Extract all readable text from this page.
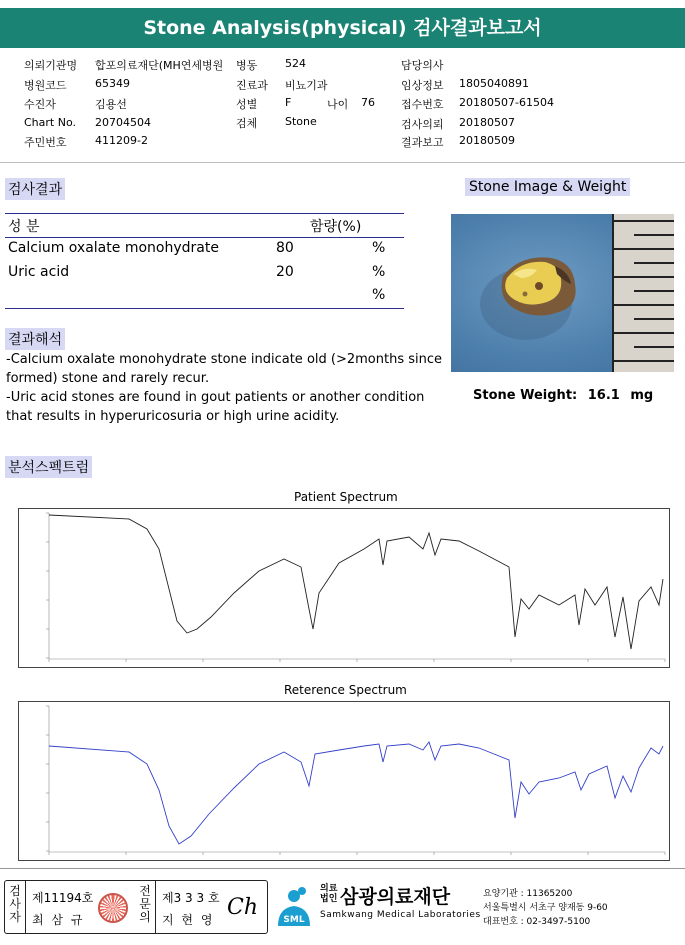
Stone Analysis(physical) 검사결과보고서
의뢰기관명 합포의료재단(MH연세병원 병동	524	담당의사
병원코드	65349	진료과 비뇨기과	임상정보 1805040891
수진자	김용선	성별	F	나이 76 접수번호 20180507-61504
Chart No. 20704504	검체	Stone	검사의뢰 20180507
주민번호	411209-2	결과보고 20180509
검사결과	Stone Image & Weight
성 분	함량(%)
Calcium oxalate monohydrate	80	%
Uric acid	20	%
%
Stone Weight: 16.1 mg
결과해석
-Calcium oxalate monohydrate stone indicate old (>2months since formed) stone and rarely recur.
-Uric acid stones are found in gout patients or another condition that results in hyperuricosuria or high urine acidity.
분석스펙트럼
Patient Spectrum
Reterence Spectrum
검사자
제11194호
최 삼 규
전문의
제3 3 3 호
지 현 영 Ch	SML
의료
법인 삼광의료재단
Samkwang Medical Laboratories
요양기관 : 11365200
서울특별시 서초구 양재동 9-60
대표번호 : 02-3497-5100
